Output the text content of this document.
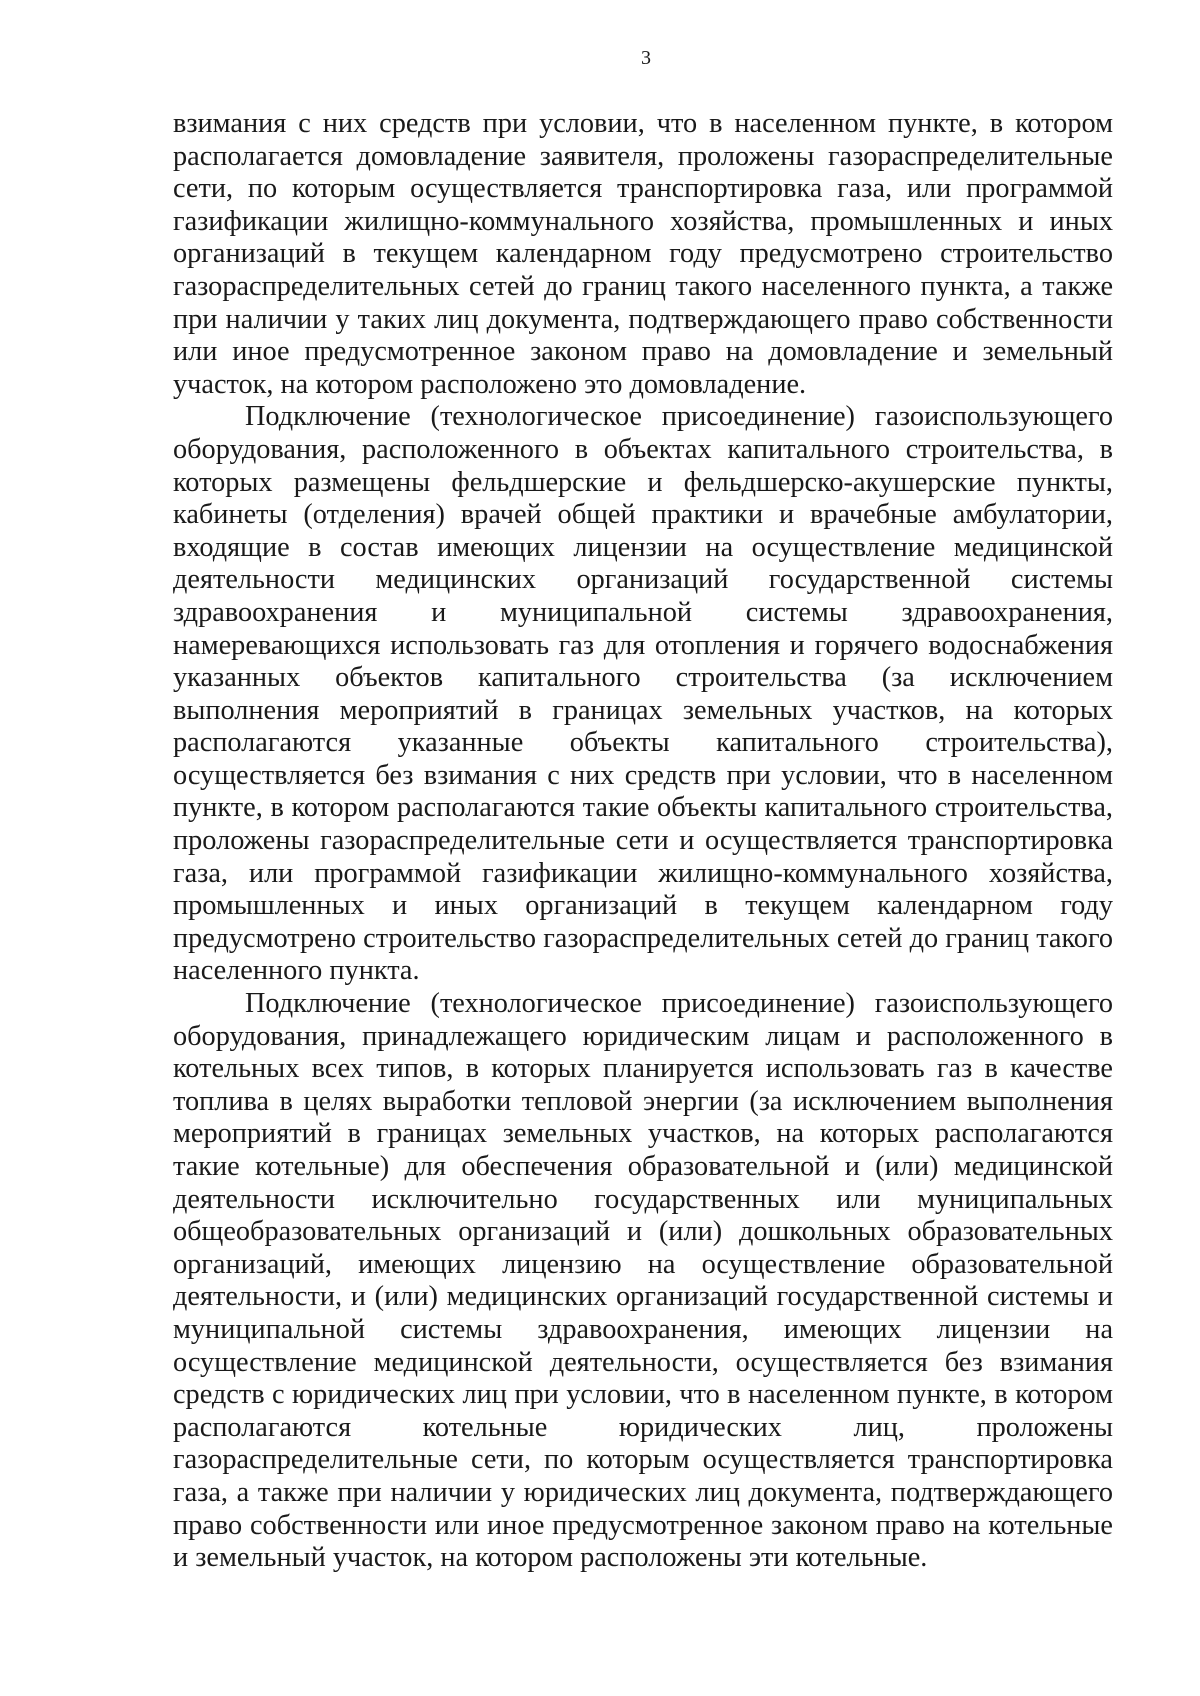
3

взимания с них средств при условии, что в населенном пункте, в котором располагается домовладение заявителя, проложены газораспределительные сети, по которым осуществляется транспортировка газа, или программой газификации жилищно-коммунального хозяйства, промышленных и иных организаций в текущем календарном году предусмотрено строительство газораспределительных сетей до границ такого населенного пункта, а также при наличии у таких лиц документа, подтверждающего право собственности или иное предусмотренное законом право на домовладение и земельный участок, на котором расположено это домовладение.

Подключение (технологическое присоединение) газоиспользующего оборудования, расположенного в объектах капитального строительства, в которых размещены фельдшерские и фельдшерско-акушерские пункты, кабинеты (отделения) врачей общей практики и врачебные амбулатории, входящие в состав имеющих лицензии на осуществление медицинской деятельности медицинских организаций государственной системы здравоохранения и муниципальной системы здравоохранения, намеревающихся использовать газ для отопления и горячего водоснабжения указанных объектов капитального строительства (за исключением выполнения мероприятий в границах земельных участков, на которых располагаются указанные объекты капитального строительства), осуществляется без взимания с них средств при условии, что в населенном пункте, в котором располагаются такие объекты капитального строительства, проложены газораспределительные сети и осуществляется транспортировка газа, или программой газификации жилищно-коммунального хозяйства, промышленных и иных организаций в текущем календарном году предусмотрено строительство газораспределительных сетей до границ такого населенного пункта.

Подключение (технологическое присоединение) газоиспользующего оборудования, принадлежащего юридическим лицам и расположенного в котельных всех типов, в которых планируется использовать газ в качестве топлива в целях выработки тепловой энергии (за исключением выполнения мероприятий в границах земельных участков, на которых располагаются такие котельные) для обеспечения образовательной и (или) медицинской деятельности исключительно государственных или муниципальных общеобразовательных организаций и (или) дошкольных образовательных организаций, имеющих лицензию на осуществление образовательной деятельности, и (или) медицинских организаций государственной системы и муниципальной системы здравоохранения, имеющих лицензии на осуществление медицинской деятельности, осуществляется без взимания средств с юридических лиц при условии, что в населенном пункте, в котором располагаются котельные юридических лиц, проложены газораспределительные сети, по которым осуществляется транспортировка газа, а также при наличии у юридических лиц документа, подтверждающего право собственности или иное предусмотренное законом право на котельные и земельный участок, на котором расположены эти котельные.
